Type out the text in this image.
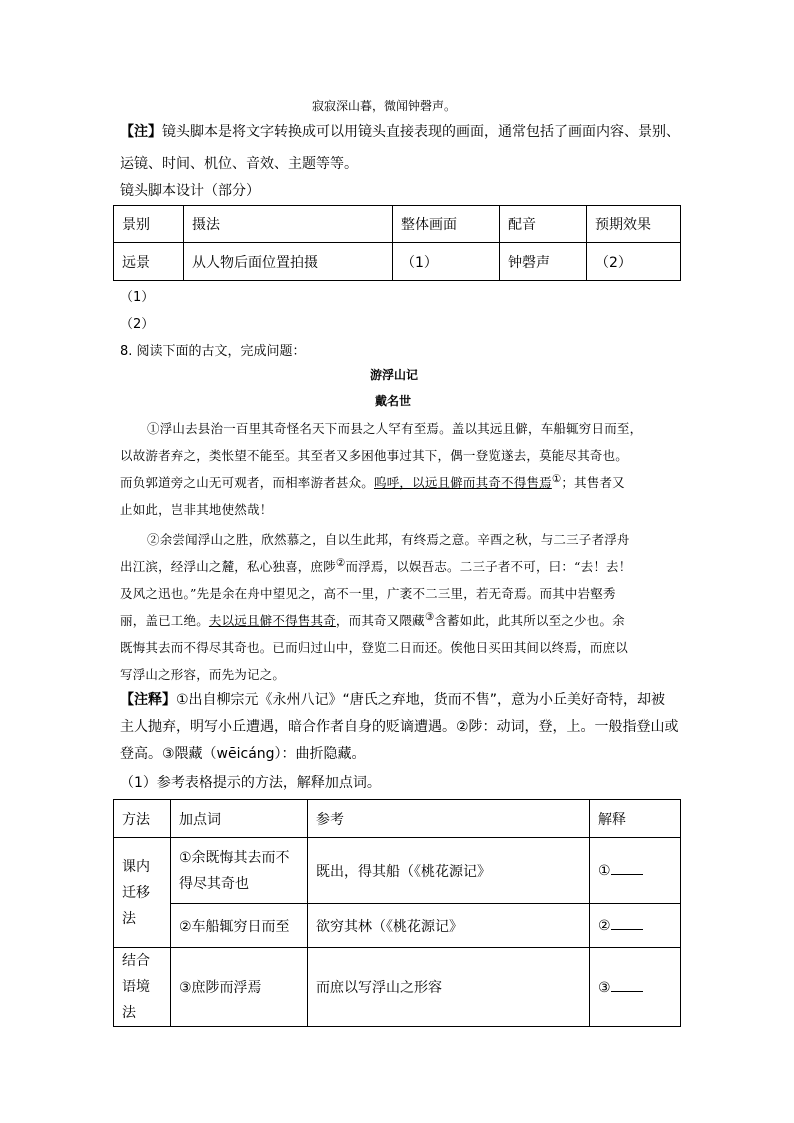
寂寂深山暮，微闻钟磬声。
【注】镜头脚本是将文字转换成可以用镜头直接表现的画面，通常包括了画面内容、景别、
运镜、时间、机位、音效、主题等等。
镜头脚本设计（部分）
景别	摄法	整体画面	配音	预期效果
远景	从人物后面位置拍摄	（1）	钟磬声	（2）
（1）
（2）
8. 阅读下面的古文，完成问题：
游浮山记
戴名世
①浮山去县治一百里其奇怪名天下而县之人罕有至焉。盖以其远且僻，车船辄穷日而至，
以故游者弃之，类怅望不能至。其至者又多困他事过其下，偶一登览遂去，莫能尽其奇也。
而负郭道旁之山无可观者，而相率游者甚众。呜呼，以远且僻而其奇不得售焉①；其售者又
止如此，岂非其地使然哉！
②余尝闻浮山之胜，欣然慕之，自以生此邦，有终焉之意。辛酉之秋，与二三子者浮舟
出江滨，经浮山之麓，私心独喜，庶陟②而浮焉，以娱吾志。二三子者不可，曰：“去！去！
及风之迅也。”先是余在舟中望见之，高不一里，广袤不二三里，若无奇焉。而其中岩壑秀
丽，盖已工绝。夫以远且僻不得售其奇，而其奇又隈藏③含蓄如此，此其所以至之少也。余
既悔其去而不得尽其奇也。已而归过山中，登览二日而还。俟他日买田其间以终焉，而庶以
写浮山之形容，而先为记之。
【注释】①出自柳宗元《永州八记》“唐氏之弃地，货而不售”，意为小丘美好奇特，却被
主人抛弃，明写小丘遭遇，暗合作者自身的贬谪遭遇。②陟：动词，登，上。一般指登山或
登高。③隈藏（wēicáng）：曲折隐藏。
（1）参考表格提示的方法，解释加点词。
方法	加点词	参考	解释
课内迁移法	①余既悔其去而不得尽其奇也	既出，得其船（《桃花源记》	①
	②车船辄穷日而至	欲穷其林（《桃花源记》	②
结合语境法	③庶陟而浮焉	而庶以写浮山之形容	③
